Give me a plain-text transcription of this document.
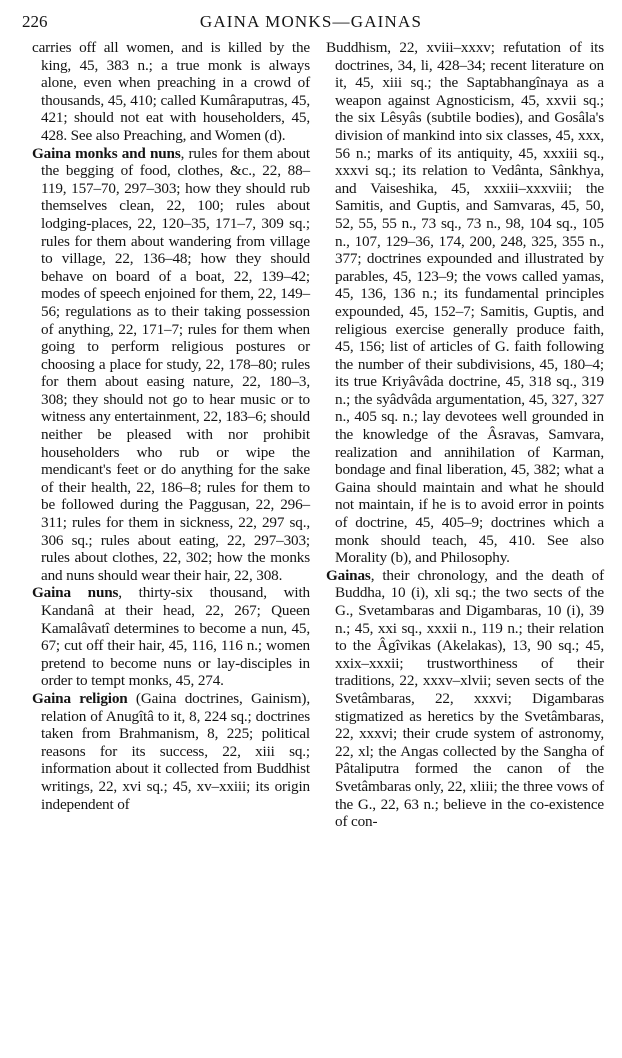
226	GAINA MONKS—GAINAS

carries off all women, and is killed by the king, 45, 383 n.; a true monk is always alone, even when preaching in a crowd of thousands, 45, 410; called Kumâraputras, 45, 421; should not eat with householders, 45, 428. See also Preaching, and Women (d).

Gaina monks and nuns, rules for them about the begging of food, clothes, &c., 22, 88–119, 157–70, 297–303; how they should rub themselves clean, 22, 100; rules about lodging-places, 22, 120–35, 171–7, 309 sq.; rules for them about wandering from village to village, 22, 136–48; how they should behave on board of a boat, 22, 139–42; modes of speech enjoined for them, 22, 149–56; regulations as to their taking possession of anything, 22, 171–7; rules for them when going to perform religious postures or choosing a place for study, 22, 178–80; rules for them about easing nature, 22, 180–3, 308; they should not go to hear music or to witness any entertainment, 22, 183–6; should neither be pleased with nor prohibit householders who rub or wipe the mendicant's feet or do anything for the sake of their health, 22, 186–8; rules for them to be followed during the Paggusan, 22, 296–311; rules for them in sickness, 22, 297 sq., 306 sq.; rules about eating, 22, 297–303; rules about clothes, 22, 302; how the monks and nuns should wear their hair, 22, 308.

Gaina nuns, thirty-six thousand, with Kandanâ at their head, 22, 267; Queen Kamalâvatî determines to become a nun, 45, 67; cut off their hair, 45, 116, 116 n.; women pretend to become nuns or lay-disciples in order to tempt monks, 45, 274.

Gaina religion (Gaina doctrines, Gainism), relation of Anugîtâ to it, 8, 224 sq.; doctrines taken from Brahmanism, 8, 225; political reasons for its success, 22, xiii sq.; information about it collected from Buddhist writings, 22, xvi sq.; 45, xv–xxiii; its origin independent of

Buddhism, 22, xviii–xxxv; refutation of its doctrines, 34, li, 428–34; recent literature on it, 45, xiii sq.; the Saptabhangînaya as a weapon against Agnosticism, 45, xxvii sq.; the six Lêsyâs (subtile bodies), and Gosâla's division of mankind into six classes, 45, xxx, 56 n.; marks of its antiquity, 45, xxxiii sq., xxxvi sq.; its relation to Vedânta, Sânkhya, and Vaiseshika, 45, xxxiii–xxxviii; the Samitis, and Guptis, and Samvaras, 45, 50, 52, 55, 55 n., 73 sq., 73 n., 98, 104 sq., 105 n., 107, 129–36, 174, 200, 248, 325, 355 n., 377; doctrines expounded and illustrated by parables, 45, 123–9; the vows called yamas, 45, 136, 136 n.; its fundamental principles expounded, 45, 152–7; Samitis, Guptis, and religious exercise generally produce faith, 45, 156; list of articles of G. faith following the number of their subdivisions, 45, 180–4; its true Kriyâvâda doctrine, 45, 318 sq., 319 n.; the syâdvâda argumentation, 45, 327, 327 n., 405 sq. n.; lay devotees well grounded in the knowledge of the Âsravas, Samvara, realization and annihilation of Karman, bondage and final liberation, 45, 382; what a Gaina should maintain and what he should not maintain, if he is to avoid error in points of doctrine, 45, 405–9; doctrines which a monk should teach, 45, 410. See also Morality (b), and Philosophy.

Gainas, their chronology, and the death of Buddha, 10 (i), xli sq.; the two sects of the G., Svetambaras and Digambaras, 10 (i), 39 n.; 45, xxi sq., xxxii n., 119 n.; their relation to the Âgîvikas (Akelakas), 13, 90 sq.; 45, xxix–xxxii; trustworthiness of their traditions, 22, xxxv–xlvii; seven sects of the Svetâmbaras, 22, xxxvi; Digambaras stigmatized as heretics by the Svetâmbaras, 22, xxxvi; their crude system of astronomy, 22, xl; the Angas collected by the Sangha of Pâtaliputra formed the canon of the Svetâmbaras only, 22, xliii; the three vows of the G., 22, 63 n.; believe in the co-existence of con-
